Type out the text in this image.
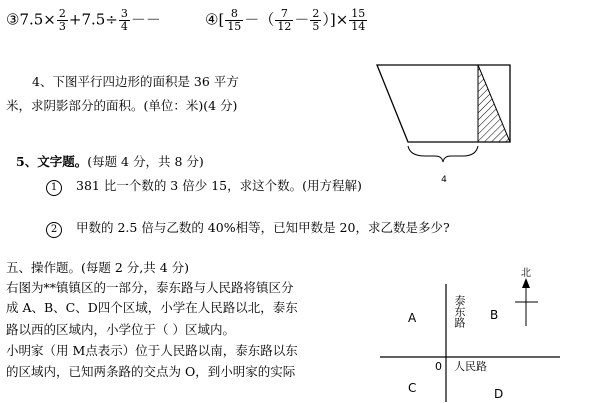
③7.5× $\frac{2}{3} +7.5\div \frac{3}{4}$ －－	④[ $\frac{8}{15}$ －（ $\frac{7}{12} - \frac{2}{5}$ ）]× $\frac{15}{14}$
4、下图平行四边形的面积是 36 平方
米，求阴影部分的面积。(单位：米)(4 分)
4
5、文字题。(每题 4 分，共 8 分)
1 381 比一个数的 3 倍少 15，求这个数。(用方程解)
2 甲数的 2.5 倍与乙数的 40%相等，已知甲数是 20，求乙数是多少?
五、操作题。(每题 2 分,共 4 分)
右图为**镇镇区的一部分，泰东路与人民路将镇区分
成 A、B、C、D四个区域，小学在人民路以北，泰东
路以西的区域内，小学位于（ ）区域内。
小明家（用 M点表示）位于人民路以南，泰东路以东
的区域内，已知两条路的交点为 O，到小明家的实际
北
A	B
C	D
0 人民路
泰东路
